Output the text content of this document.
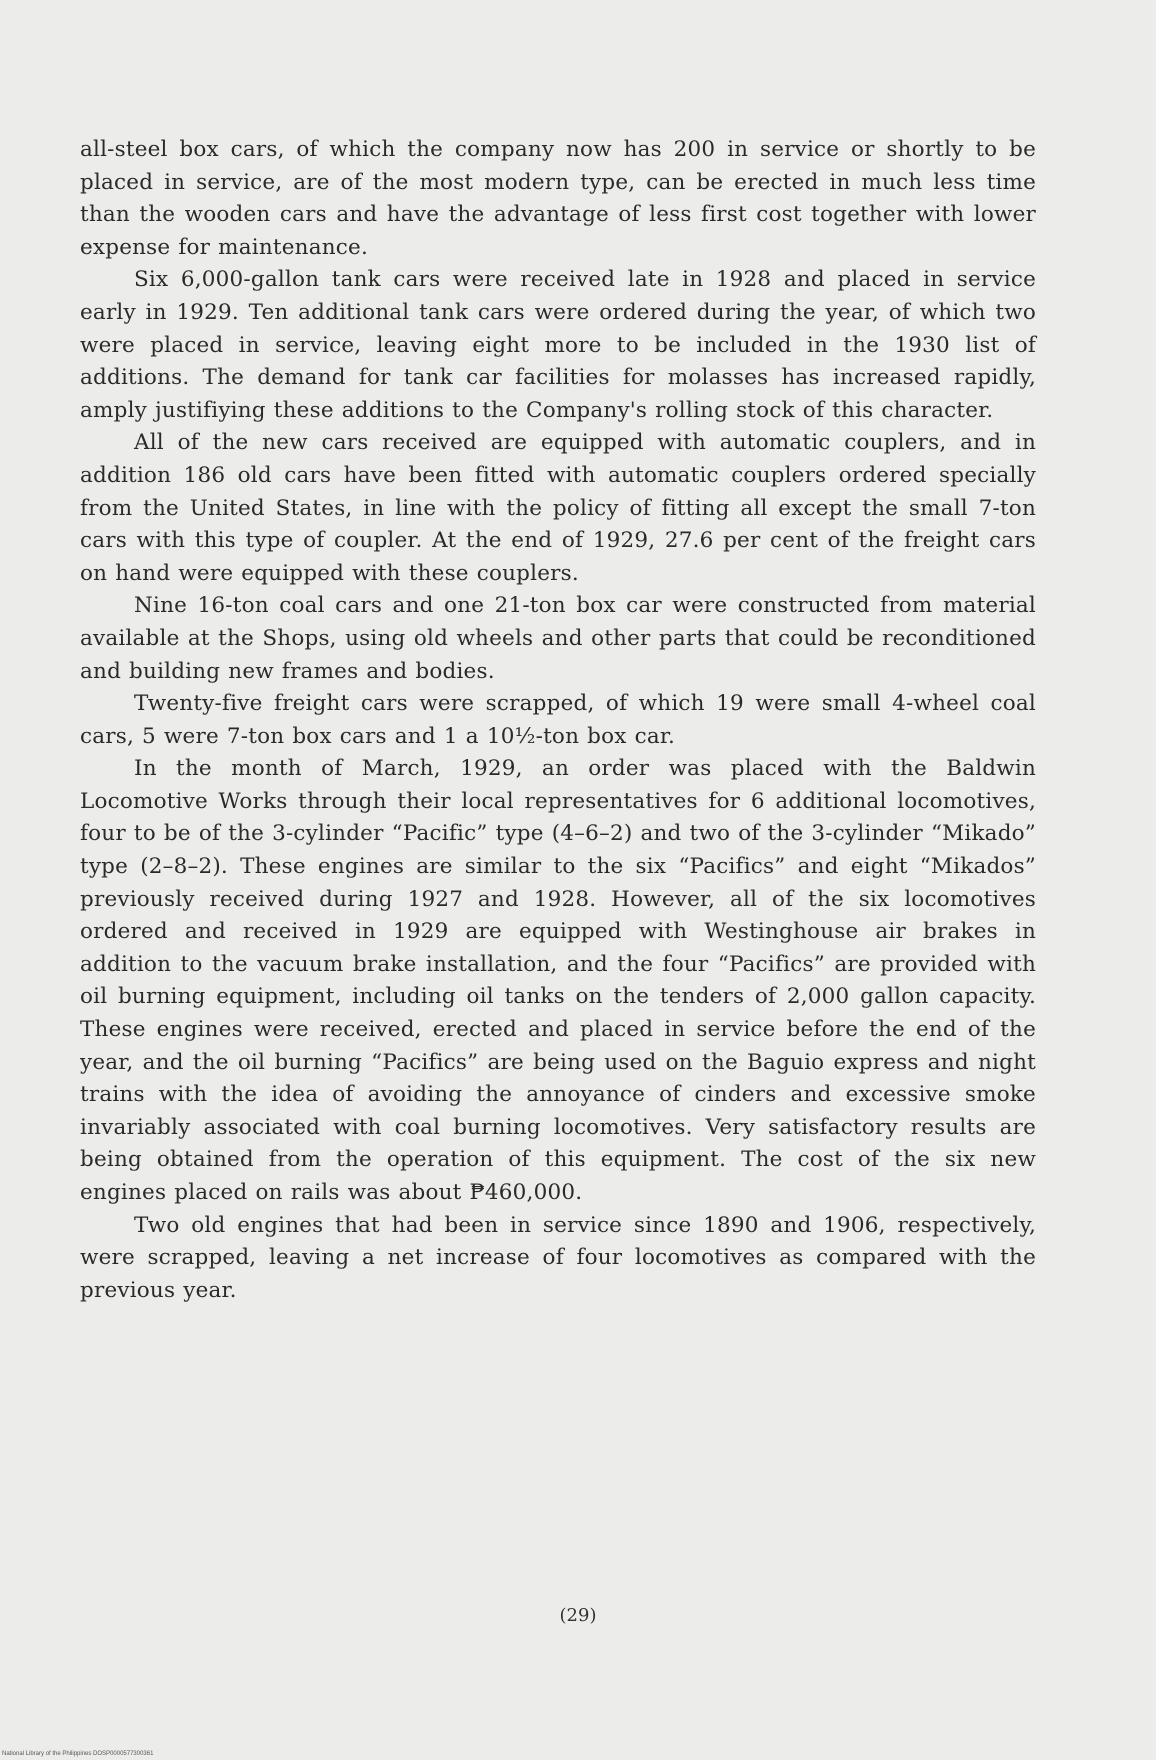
all-steel box cars, of which the company now has 200 in service or shortly to be placed in service, are of the most modern type, can be erected in much less time than the wooden cars and have the advantage of less first cost together with lower expense for maintenance.

Six 6,000-gallon tank cars were received late in 1928 and placed in service early in 1929. Ten additional tank cars were ordered during the year, of which two were placed in service, leaving eight more to be included in the 1930 list of additions. The demand for tank car facilities for molasses has increased rapidly, amply justifiying these additions to the Company's rolling stock of this character.

All of the new cars received are equipped with automatic couplers, and in addition 186 old cars have been fitted with automatic couplers ordered specially from the United States, in line with the policy of fitting all except the small 7-ton cars with this type of coupler. At the end of 1929, 27.6 per cent of the freight cars on hand were equipped with these couplers.

Nine 16-ton coal cars and one 21-ton box car were constructed from material available at the Shops, using old wheels and other parts that could be reconditioned and building new frames and bodies.

Twenty-five freight cars were scrapped, of which 19 were small 4-wheel coal cars, 5 were 7-ton box cars and 1 a 10½-ton box car.

In the month of March, 1929, an order was placed with the Baldwin Locomotive Works through their local representatives for 6 additional locomotives, four to be of the 3-cylinder “Pacific” type (4–6–2) and two of the 3-cylinder “Mikado” type (2–8–2). These engines are similar to the six “Pacifics” and eight “Mikados” previously received during 1927 and 1928. However, all of the six locomotives ordered and received in 1929 are equipped with Westinghouse air brakes in addition to the vacuum brake installation, and the four “Pacifics” are provided with oil burning equipment, including oil tanks on the tenders of 2,000 gallon capacity. These engines were received, erected and placed in service before the end of the year, and the oil burning “Pacifics” are being used on the Baguio express and night trains with the idea of avoiding the annoyance of cinders and excessive smoke invariably associated with coal burning locomotives. Very satisfactory results are being obtained from the operation of this equipment. The cost of the six new engines placed on rails was about ₱460,000.

Two old engines that had been in service since 1890 and 1906, respectively, were scrapped, leaving a net increase of four locomotives as compared with the previous year.

(29)
National Library of the Philippines DOSP0000577300361
